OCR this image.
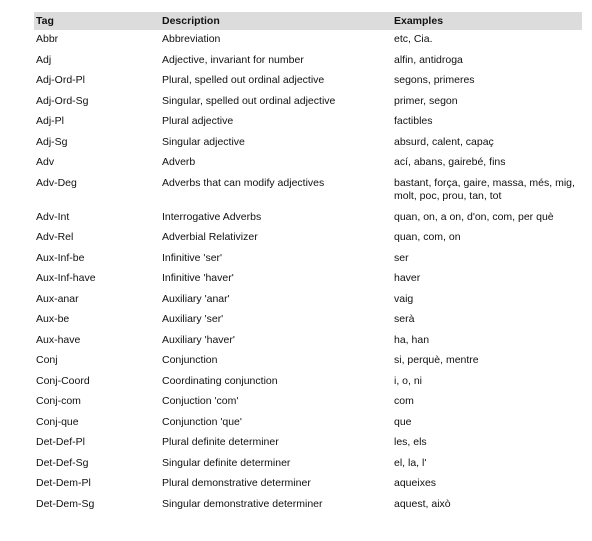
Tag	Description	Examples
Abbr	Abbreviation	etc, Cia.
Adj	Adjective, invariant for number	alfin, antidroga
Adj-Ord-Pl	Plural, spelled out ordinal adjective	segons, primeres
Adj-Ord-Sg	Singular, spelled out ordinal adjective	primer, segon
Adj-Pl	Plural adjective	factibles
Adj-Sg	Singular adjective	absurd, calent, capaç
Adv	Adverb	ací, abans, gairebé, fins
Adv-Deg	Adverbs that can modify adjectives	bastant, força, gaire, massa, més, mig, molt, poc, prou, tan, tot
Adv-Int	Interrogative Adverbs	quan, on, a on, d'on, com, per què
Adv-Rel	Adverbial Relativizer	quan, com, on
Aux-Inf-be	Infinitive 'ser'	ser
Aux-Inf-have	Infinitive 'haver'	haver
Aux-anar	Auxiliary 'anar'	vaig
Aux-be	Auxiliary 'ser'	serà
Aux-have	Auxiliary 'haver'	ha, han
Conj	Conjunction	si, perquè, mentre
Conj-Coord	Coordinating conjunction	i, o, ni
Conj-com	Conjuction 'com'	com
Conj-que	Conjunction 'que'	que
Det-Def-Pl	Plural definite determiner	les, els
Det-Def-Sg	Singular definite determiner	el, la, l'
Det-Dem-Pl	Plural demonstrative determiner	aqueixes
Det-Dem-Sg	Singular demonstrative determiner	aquest, això
